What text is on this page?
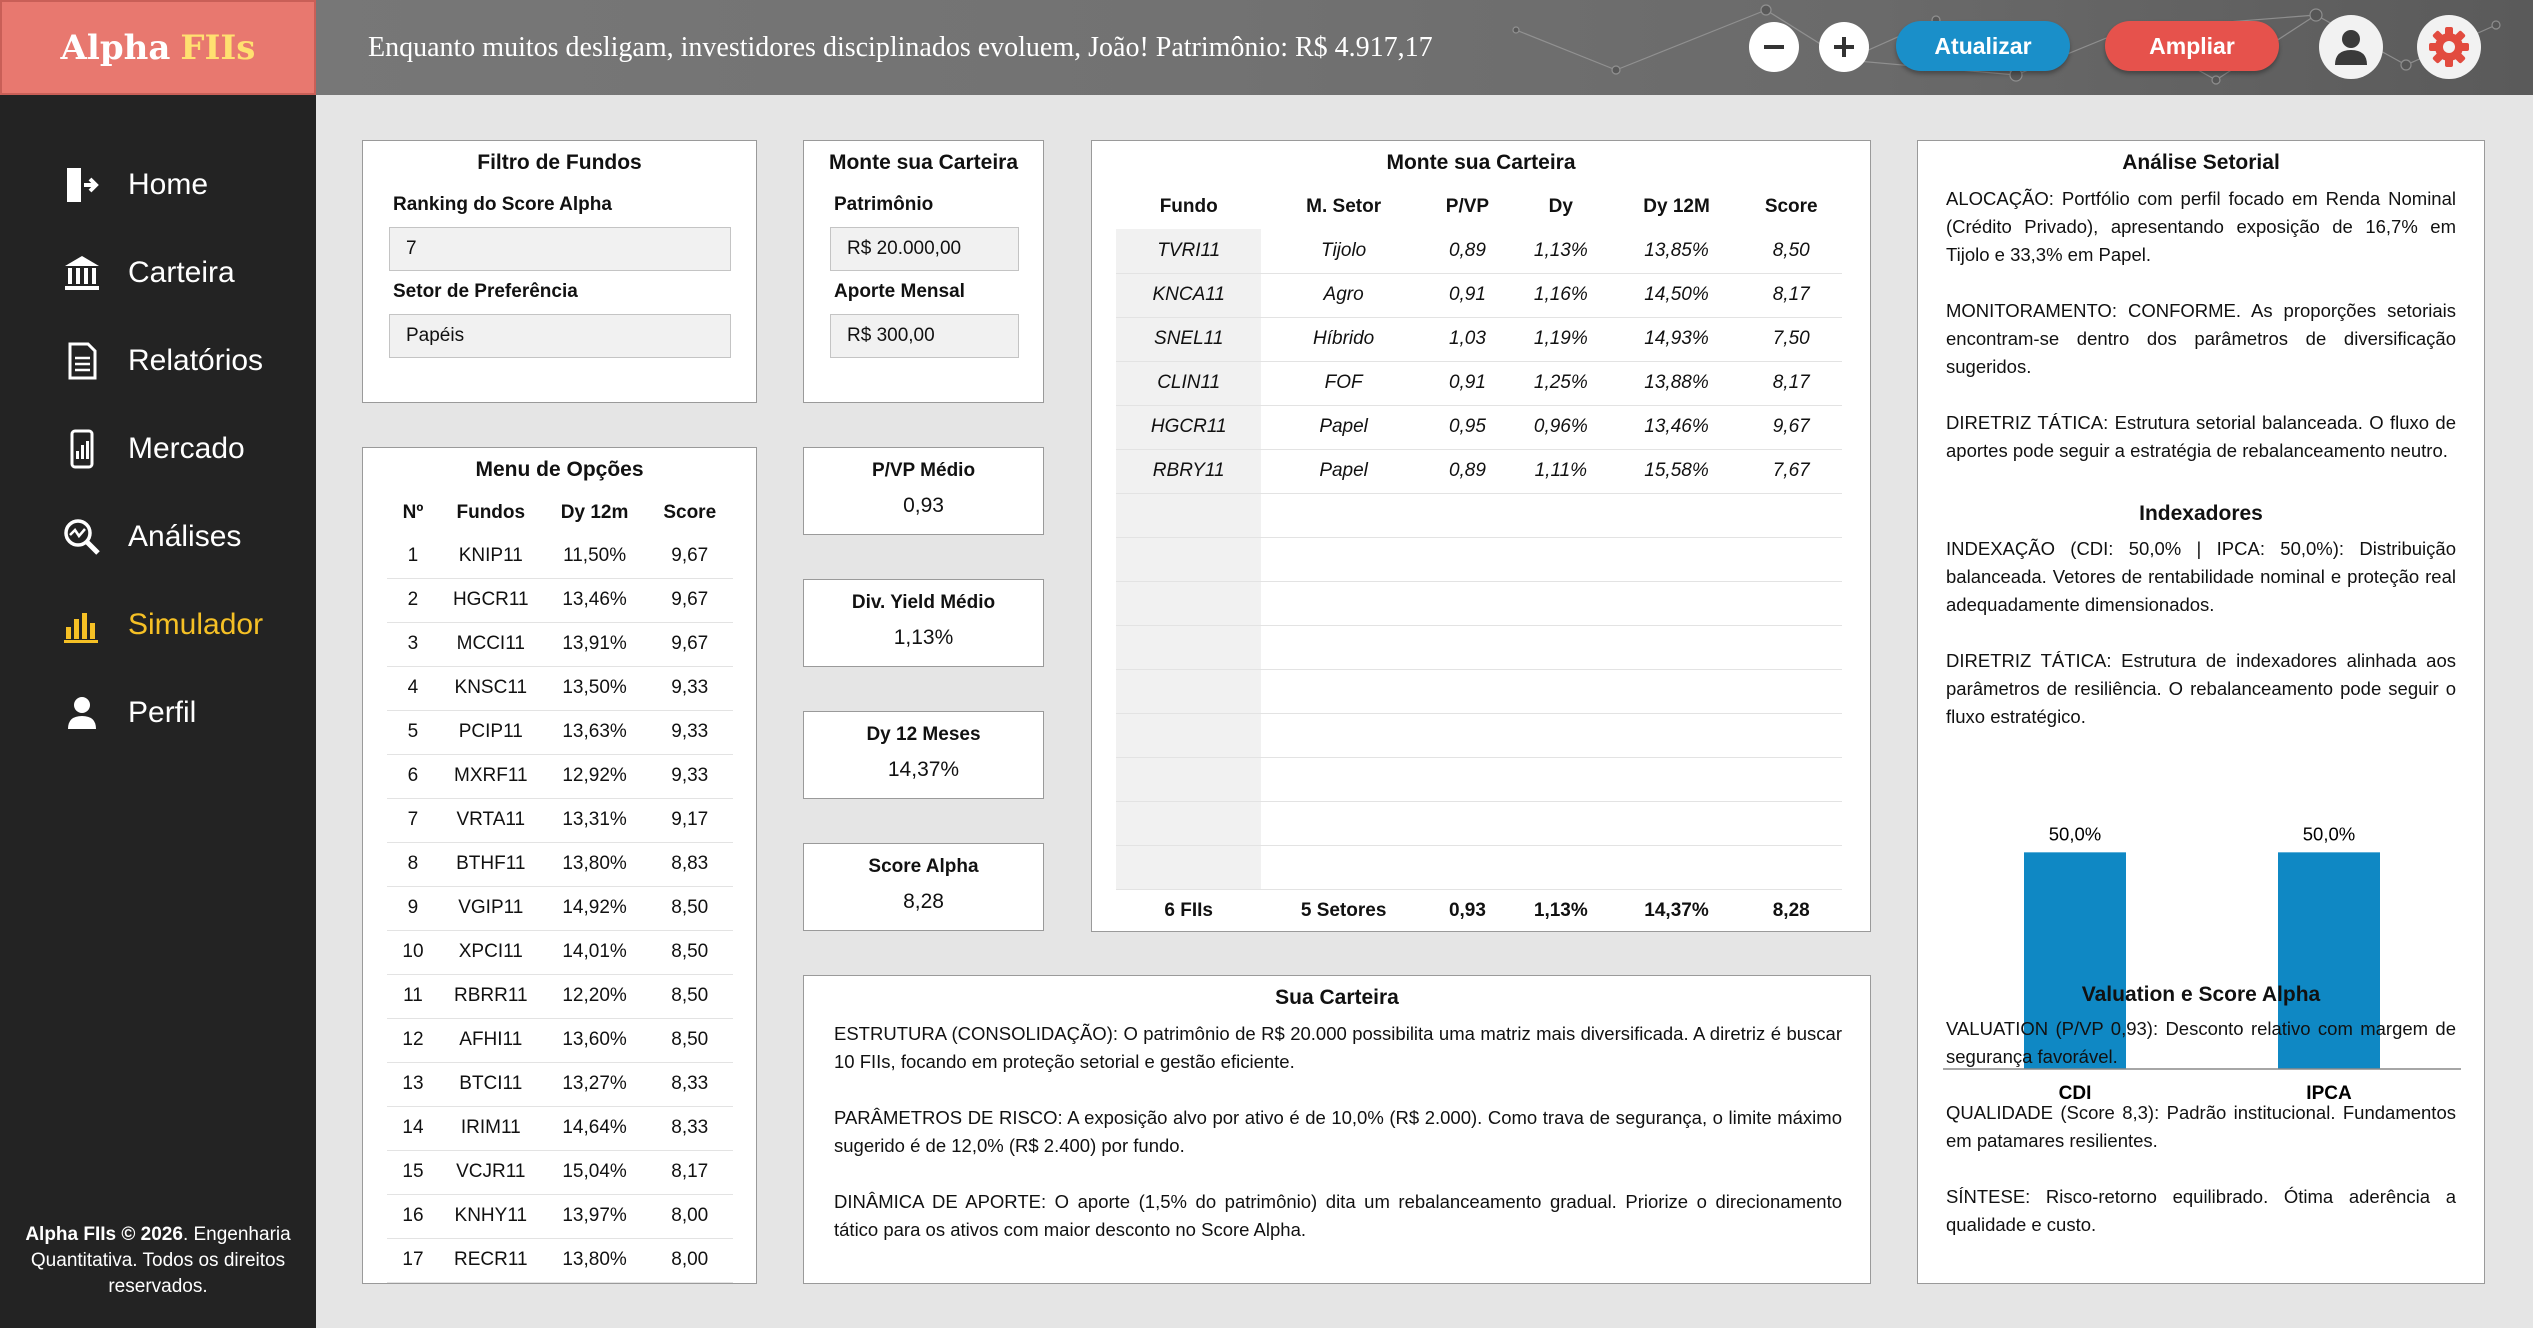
Alpha FIIs	Enquanto muitos desligam, investidores disciplinados evoluem, João! Patrimônio: R$ 4.917,17	Atualizar	Ampliar
Home
Carteira
Relatórios
Mercado
Análises
Simulador
Perfil
Alpha FIIs © 2026. Engenharia Quantitativa. Todos os direitos reservados.
Filtro de Fundos
Ranking do Score Alpha
7
Setor de Preferência
Papéis
Monte sua Carteira
Patrimônio
R$ 20.000,00
Aporte Mensal
R$ 300,00
Menu de Opções
Nº	Fundos	Dy 12m	Score
1	KNIP11	11,50%	9,67
2	HGCR11	13,46%	9,67
3	MCCI11	13,91%	9,67
4	KNSC11	13,50%	9,33
5	PCIP11	13,63%	9,33
6	MXRF11	12,92%	9,33
7	VRTA11	13,31%	9,17
8	BTHF11	13,80%	8,83
9	VGIP11	14,92%	8,50
10	XPCI11	14,01%	8,50
11	RBRR11	12,20%	8,50
12	AFHI11	13,60%	8,50
13	BTCI11	13,27%	8,33
14	IRIM11	14,64%	8,33
15	VCJR11	15,04%	8,17
16	KNHY11	13,97%	8,00
17	RECR11	13,80%	8,00
P/VP Médio
0,93
Div. Yield Médio
1,13%
Dy 12 Meses
14,37%
Score Alpha
8,28
Monte sua Carteira
Fundo	M. Setor	P/VP	Dy	Dy 12M	Score
TVRI11	Tijolo	0,89	1,13%	13,85%	8,50
KNCA11	Agro	0,91	1,16%	14,50%	8,17
SNEL11	Híbrido	1,03	1,19%	14,93%	7,50
CLIN11	FOF	0,91	1,25%	13,88%	8,17
HGCR11	Papel	0,95	0,96%	13,46%	9,67
RBRY11	Papel	0,89	1,11%	15,58%	7,67

6 FIIs	5 Setores	0,93	1,13%	14,37%	8,28
Sua Carteira
ESTRUTURA (CONSOLIDAÇÃO): O patrimônio de R$ 20.000 possibilita uma matriz mais diversificada. A diretriz é buscar 10 FIIs, focando em proteção setorial e gestão eficiente.
PARÂMETROS DE RISCO: A exposição alvo por ativo é de 10,0% (R$ 2.000). Como trava de segurança, o limite máximo sugerido é de 12,0% (R$ 2.400) por fundo.
DINÂMICA DE APORTE: O aporte (1,5% do patrimônio) dita um rebalanceamento gradual. Priorize o direcionamento tático para os ativos com maior desconto no Score Alpha.
Análise Setorial
ALOCAÇÃO: Portfólio com perfil focado em Renda Nominal (Crédito Privado), apresentando exposição de 16,7% em Tijolo e 33,3% em Papel.
MONITORAMENTO: CONFORME. As proporções setoriais encontram-se dentro dos parâmetros de diversificação sugeridos.
DIRETRIZ TÁTICA: Estrutura setorial balanceada. O fluxo de aportes pode seguir a estratégia de rebalanceamento neutro.
Indexadores
INDEXAÇÃO (CDI: 50,0% | IPCA: 50,0%): Distribuição balanceada. Vetores de rentabilidade nominal e proteção real adequadamente dimensionados.
DIRETRIZ TÁTICA: Estrutura de indexadores alinhada aos parâmetros de resiliência. O rebalanceamento pode seguir o fluxo estratégico.
50,0%
CDI
50,0%
IPCA
Valuation e Score Alpha
VALUATION (P/VP 0,93): Desconto relativo com margem de segurança favorável.
QUALIDADE (Score 8,3): Padrão institucional. Fundamentos em patamares resilientes.
SÍNTESE: Risco-retorno equilibrado. Ótima aderência a qualidade e custo.
